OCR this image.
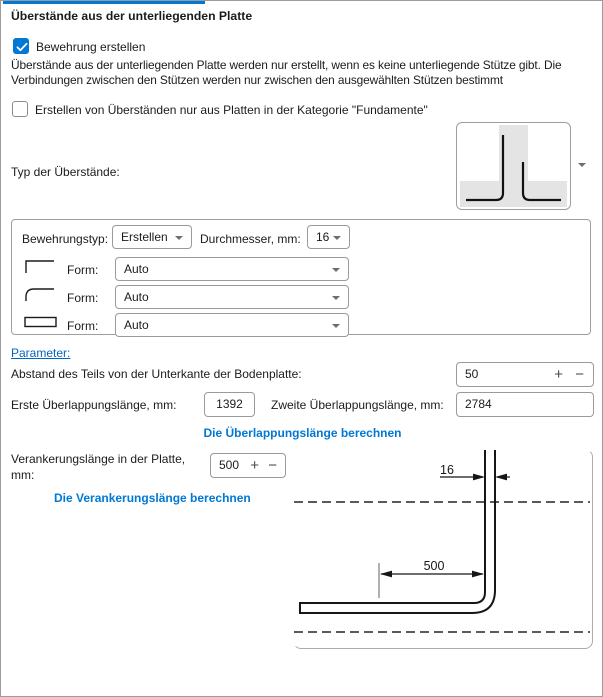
Überstände aus der unterliegenden Platte
Bewehrung erstellen
Überstände aus der unterliegenden Platte werden nur erstellt, wenn es keine unterliegende Stütze gibt. Die Verbindungen zwischen den Stützen werden nur zwischen den ausgewählten Stützen bestimmt
Erstellen von Überständen nur aus Platten in der Kategorie "Fundamente"
Typ der Überstände:
Bewehrungstyp:	Erstellen	Durchmesser, mm:	16
Form:	Auto
Form:	Auto
Form:	Auto
Parameter:
Abstand des Teils von der Unterkante der Bodenplatte:	50	+ −
Erste Überlappungslänge, mm:	1392	Zweite Überlappungslänge, mm:	2784
Die Überlappungslänge berechnen
Verankerungslänge in der Platte,
mm:
500 + −
Die Verankerungslänge berechnen
16
500
